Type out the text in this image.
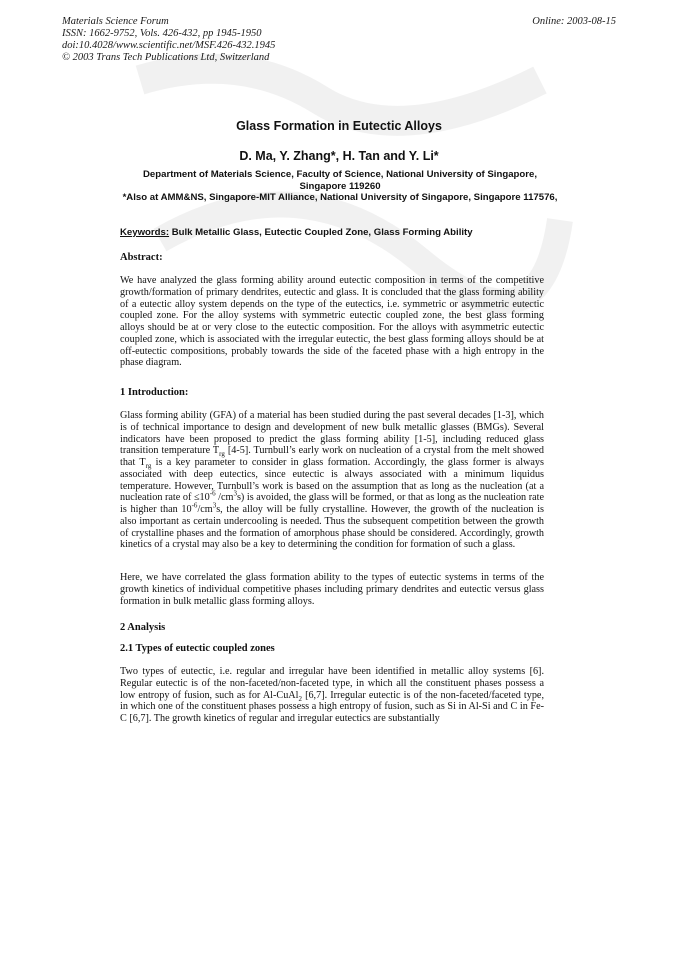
Materials Science Forum
ISSN: 1662-9752, Vols. 426-432, pp 1945-1950
doi:10.4028/www.scientific.net/MSF.426-432.1945
© 2003 Trans Tech Publications Ltd, Switzerland
Online: 2003-08-15
Glass Formation in Eutectic Alloys
D. Ma, Y. Zhang*, H. Tan and Y. Li*
Department of Materials Science, Faculty of Science, National University of Singapore, Singapore 119260
*Also at AMM&NS, Singapore-MIT Alliance, National University of Singapore, Singapore 117576,
Keywords: Bulk Metallic Glass, Eutectic Coupled Zone, Glass Forming Ability
Abstract:
We have analyzed the glass forming ability around eutectic composition in terms of the competitive growth/formation of primary dendrites, eutectic and glass. It is concluded that the glass forming ability of a eutectic alloy system depends on the type of the eutectics, i.e. symmetric or asymmetric eutectic coupled zone. For the alloy systems with symmetric eutectic coupled zone, the best glass forming alloys should be at or very close to the eutectic composition. For the alloys with asymmetric eutectic coupled zone, which is associated with the irregular eutectic, the best glass forming alloys should be at off-eutectic compositions, probably towards the side of the faceted phase with a high entropy in the phase diagram.
1 Introduction:
Glass forming ability (GFA) of a material has been studied during the past several decades [1-3], which is of technical importance to design and development of new bulk metallic glasses (BMGs). Several indicators have been proposed to predict the glass forming ability [1-5], including reduced glass transition temperature $T_{rg}$ [4-5]. Turnbull’s early work on nucleation of a crystal from the melt showed that $T_{rg}$ is a key parameter to consider in glass formation. Accordingly, the glass former is always associated with deep eutectics, since eutectic is always associated with a minimum liquidus temperature. However, Turnbull’s work is based on the assumption that as long as the nucleation (at a nucleation rate of $\le 10^{-6}$ $/cm^3s$) is avoided, the glass will be formed, or that as long as the nucleation rate is higher than $10^{-6}/cm^3s$, the alloy will be fully crystalline. However, the growth of the nucleation is also important as certain undercooling is needed. Thus the subsequent competition between the growth of crystalline phases and the formation of amorphous phase should be considered. Accordingly, growth kinetics of a crystal may also be a key to determining the condition for formation of such a glass.
Here, we have correlated the glass formation ability to the types of eutectic systems in terms of the growth kinetics of individual competitive phases including primary dendrites and eutectic versus glass formation in bulk metallic glass forming alloys.
2 Analysis
2.1 Types of eutectic coupled zones
Two types of eutectic, i.e. regular and irregular have been identified in metallic alloy systems [6]. Regular eutectic is of the non-faceted/non-faceted type, in which all the constituent phases possess a low entropy of fusion, such as for Al-CuAl$_2$ [6,7]. Irregular eutectic is of the non-faceted/faceted type, in which one of the constituent phases possess a high entropy of fusion, such as Si in Al-Si and C in Fe-C [6,7]. The growth kinetics of regular and irregular eutectics are substantially
